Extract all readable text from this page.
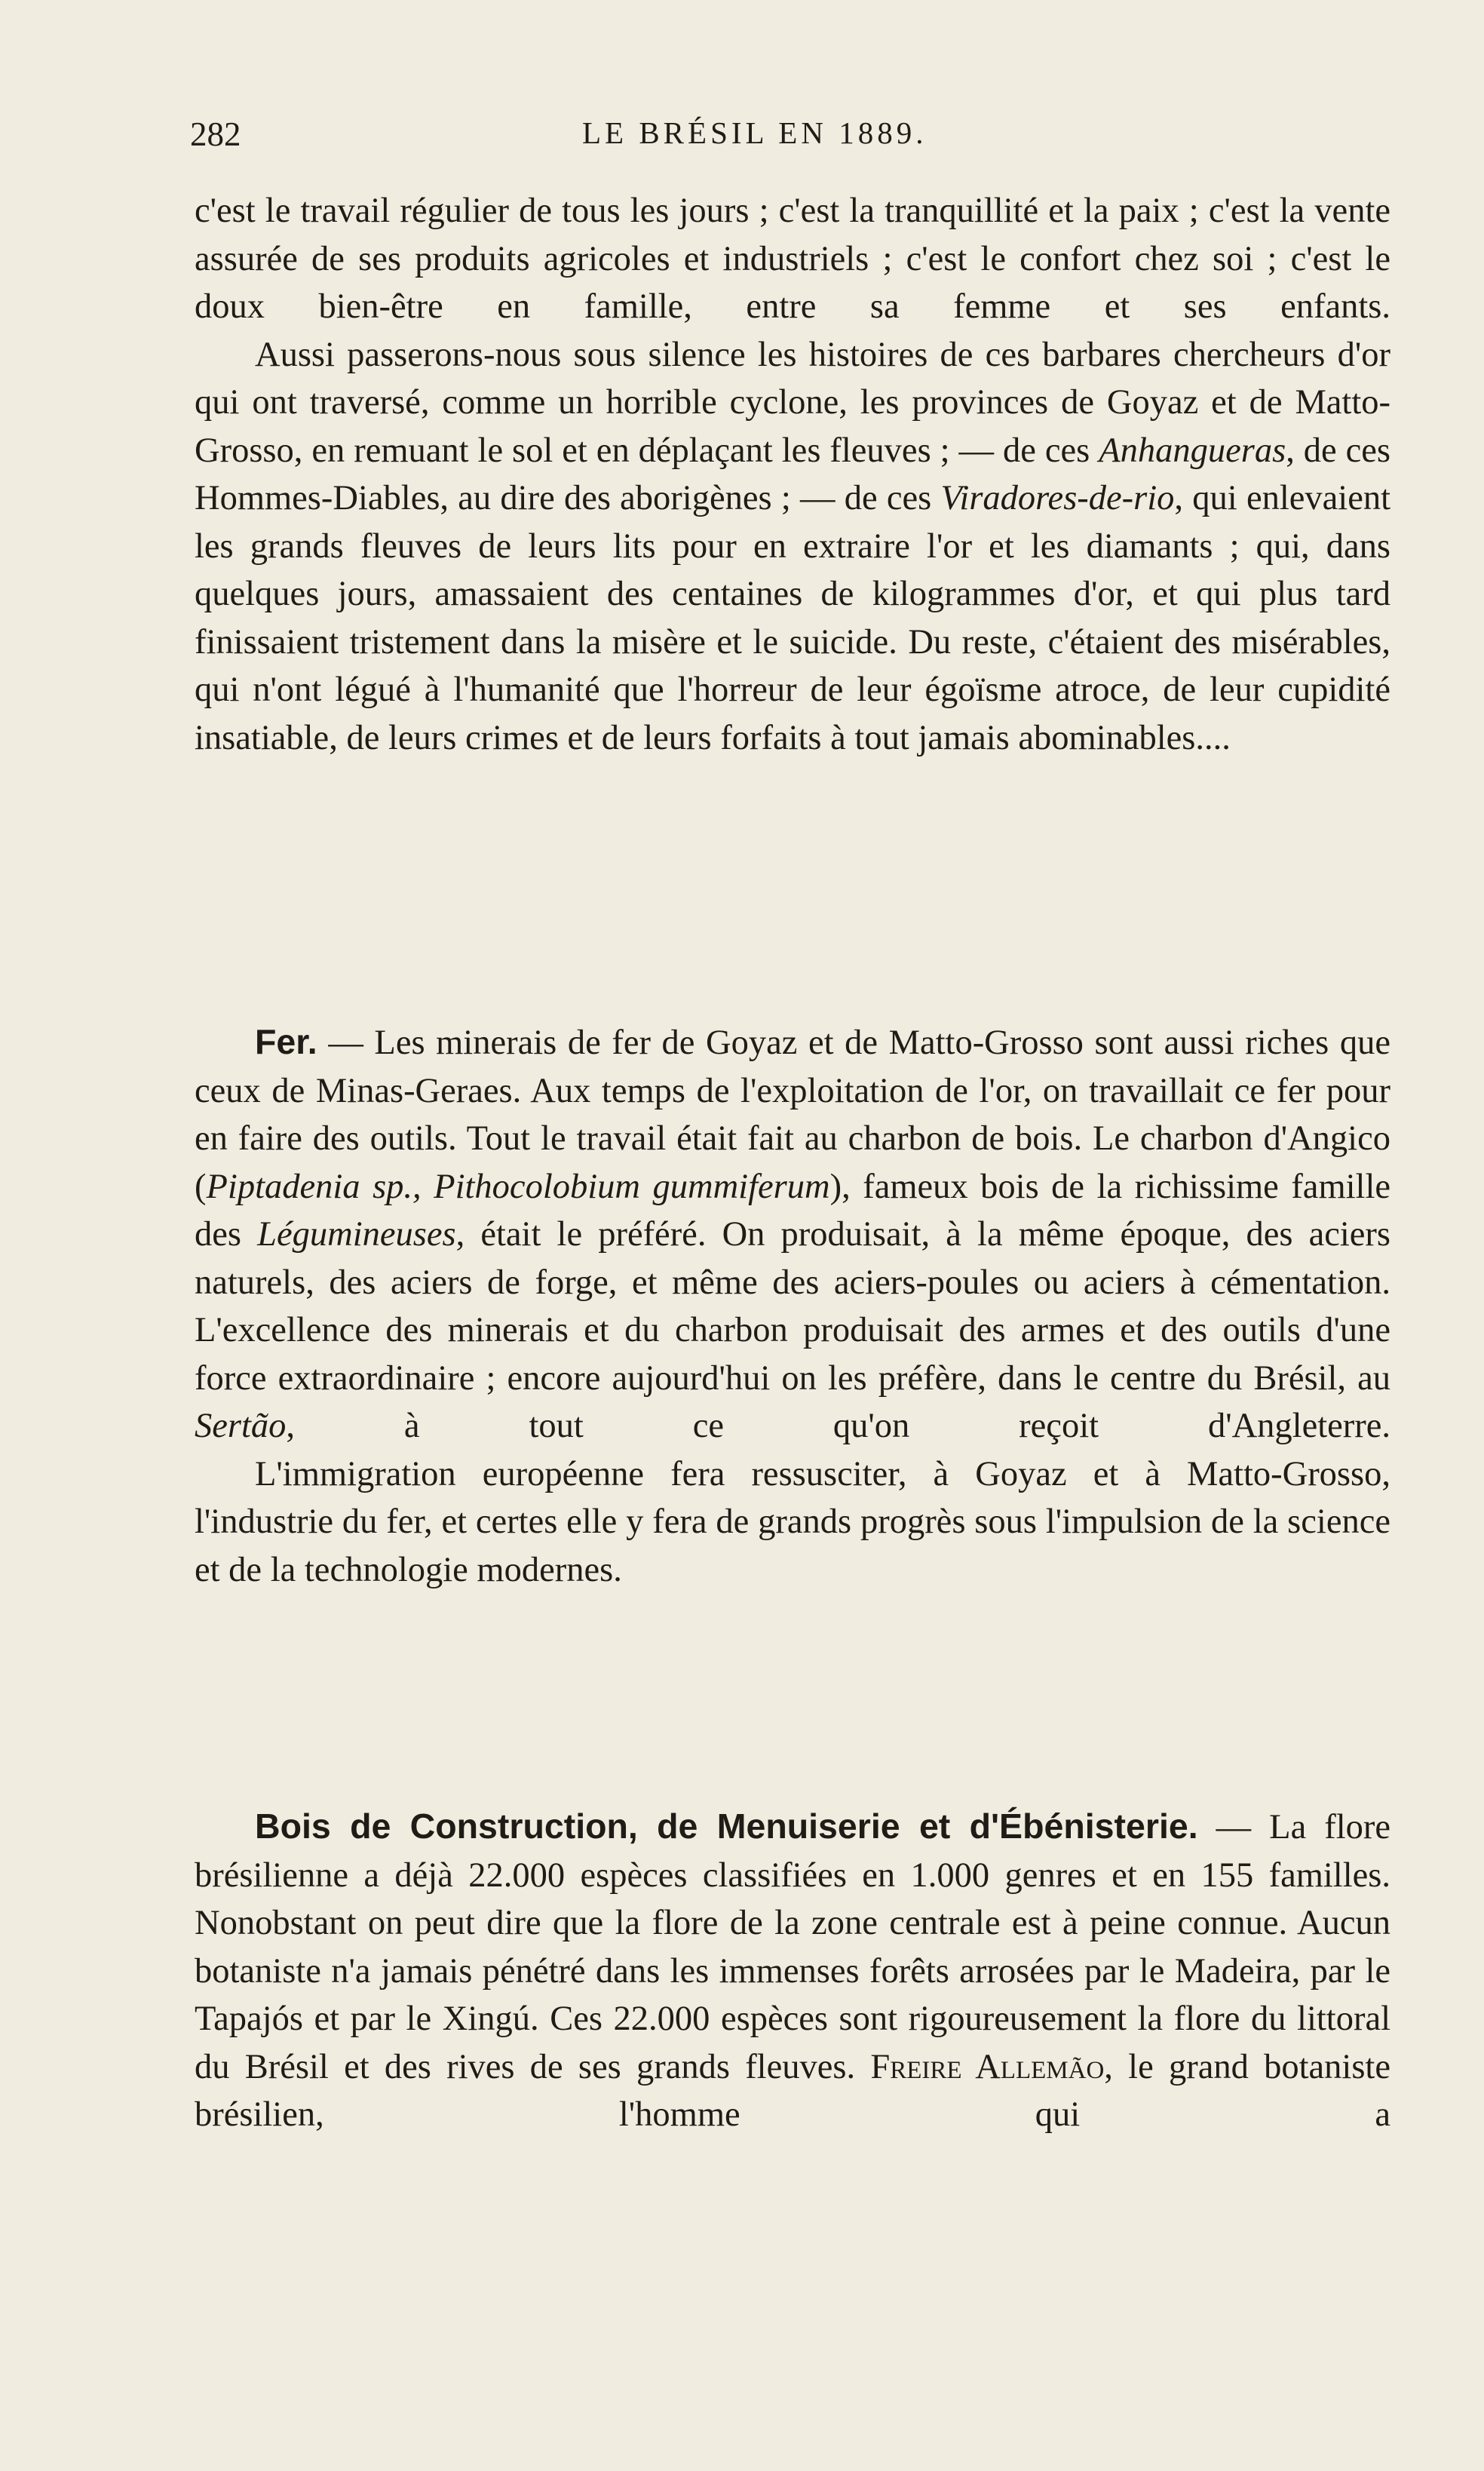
282	LE BRÉSIL EN 1889.

c'est le travail régulier de tous les jours ; c'est la tranquillité et la paix ; c'est la vente assurée de ses produits agricoles et industriels ; c'est le confort chez soi ; c'est le doux bien-être en famille, entre sa femme et ses enfants.

Aussi passerons-nous sous silence les histoires de ces barbares chercheurs d'or qui ont traversé, comme un horrible cyclone, les provinces de Goyaz et de Matto-Grosso, en remuant le sol et en déplaçant les fleuves ; — de ces Anhangueras, de ces Hommes-Diables, au dire des aborigènes ; — de ces Viradores-de-rio, qui enlevaient les grands fleuves de leurs lits pour en extraire l'or et les diamants ; qui, dans quelques jours, amassaient des centaines de kilogrammes d'or, et qui plus tard finissaient tristement dans la misère et le suicide. Du reste, c'étaient des misérables, qui n'ont légué à l'humanité que l'horreur de leur égoïsme atroce, de leur cupidité insatiable, de leurs crimes et de leurs forfaits à tout jamais abominables....

Fer. — Les minerais de fer de Goyaz et de Matto-Grosso sont aussi riches que ceux de Minas-Geraes. Aux temps de l'exploitation de l'or, on travaillait ce fer pour en faire des outils. Tout le travail était fait au charbon de bois. Le charbon d'Angico (Piptadenia sp., Pithocolobium gummiferum), fameux bois de la richissime famille des Légumineuses, était le préféré. On produisait, à la même époque, des aciers naturels, des aciers de forge, et même des aciers-poules ou aciers à cémentation. L'excellence des minerais et du charbon produisait des armes et des outils d'une force extraordinaire ; encore aujourd'hui on les préfère, dans le centre du Brésil, au Sertão, à tout ce qu'on reçoit d'Angleterre.

L'immigration européenne fera ressusciter, à Goyaz et à Matto-Grosso, l'industrie du fer, et certes elle y fera de grands progrès sous l'impulsion de la science et de la technologie modernes.

Bois de Construction, de Menuiserie et d'Ébénisterie. — La flore brésilienne a déjà 22.000 espèces classifiées en 1.000 genres et en 155 familles. Nonobstant on peut dire que la flore de la zone centrale est à peine connue. Aucun botaniste n'a jamais pénétré dans les immenses forêts arrosées par le Madeira, par le Tapajós et par le Xingú. Ces 22.000 espèces sont rigoureusement la flore du littoral du Brésil et des rives de ses grands fleuves. Freire Allemão, le grand botaniste brésilien, l'homme qui a
